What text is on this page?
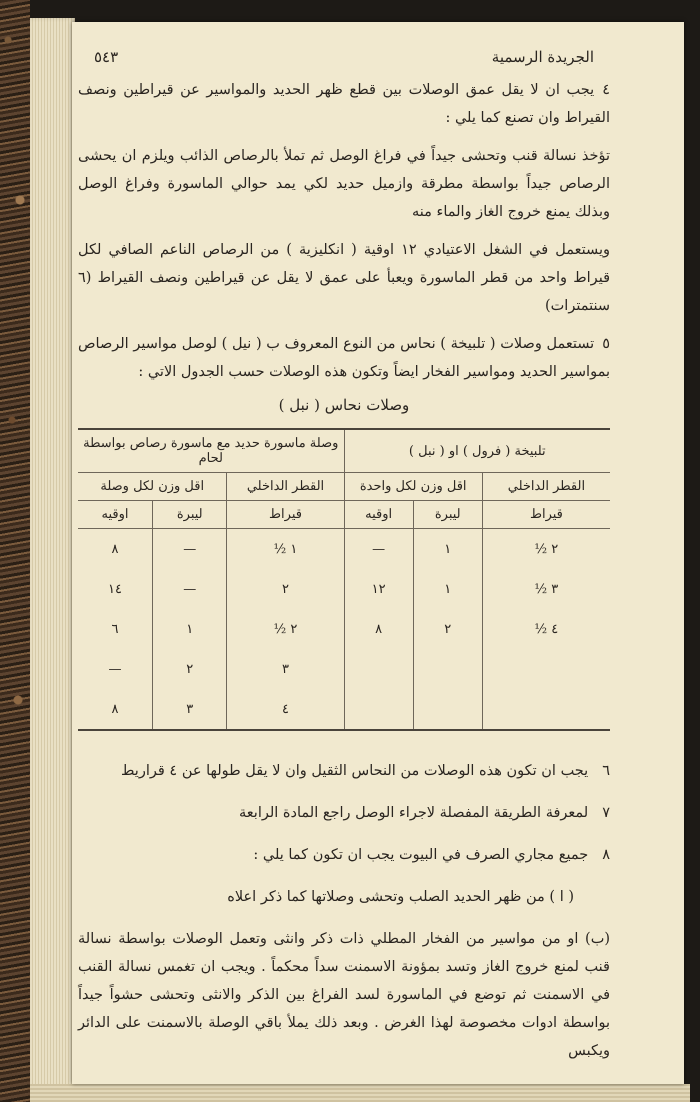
الجريدة الرسمية
٥٤٣

٤يجب ان لا يقل عمق الوصلات بين قطع ظهر الحديد والمواسير عن قيراطين ونصف القيراط وان تصنع كما يلي :

تؤخذ نسالة قنب وتحشى جيداً في فراغ الوصل ثم تملأ بالرصاص الذائب ويلزم ان يحشى الرصاص جيداً بواسطة مطرقة وازميل حديد لكي يمد حوالي الماسورة وفراغ الوصل وبذلك يمنع خروج الغاز والماء منه

ويستعمل في الشغل الاعتيادي ١٢ اوقية ( انكليزية ) من الرصاص الناعم الصافي لكل قيراط واحد من قطر الماسورة ويعبأ على عمق لا يقل عن قيراطين ونصف القيراط (٦ سنتمترات)

٥تستعمل وصلات ( تلبيخة ) نحاس من النوع المعروف ب ( نيل ) لوصل مواسير الرصاص بمواسير الحديد ومواسير الفخار ايضاً وتكون هذه الوصلات حسب الجدول الاتي :

وصلات نحاس ( نبل )
تلبيخة ( فرول ) او ( نبل )			وصلة ماسورة حديد مع ماسورة رصاص بواسطة لحام		
القطر الداخلي	اقل وزن لكل واحدة		القطر الداخلي	اقل وزن لكل وصلة	
قيراط	ليبرة	اوقيه	قيراط	ليبرة	اوقيه
٢ ½	١	—	١ ½	—	٨
٣ ½	١	١٢	٢	—	١٤
٤ ½	٢	٨	٢ ½	١	٦
			٣	٢	—
			٤	٣	٨
٦يجب ان تكون هذه الوصلات من النحاس الثقيل وان لا يقل طولها عن ٤ قراريط
٧لمعرفة الطريقة المفصلة لاجراء الوصل راجع المادة الرابعة
٨جميع مجاري الصرف في البيوت يجب ان تكون كما يلي :
( ا ) من ظهر الحديد الصلب وتحشى وصلاتها كما ذكر اعلاه

(ب) او من مواسير من الفخار المطلي ذات ذكر وانثى وتعمل الوصلات بواسطة نسالة قنب لمنع خروج الغاز وتسد بمؤونة الاسمنت سداً محكماً . ويجب ان تغمس نسالة القنب في الاسمنت ثم توضع في الماسورة لسد الفراغ بين الذكر والانثى وتحشى حشواً جيداً بواسطة ادوات مخصوصة لهذا الغرض . وبعد ذلك يملأ باقي الوصلة بالاسمنت على الدائر ويكبس
